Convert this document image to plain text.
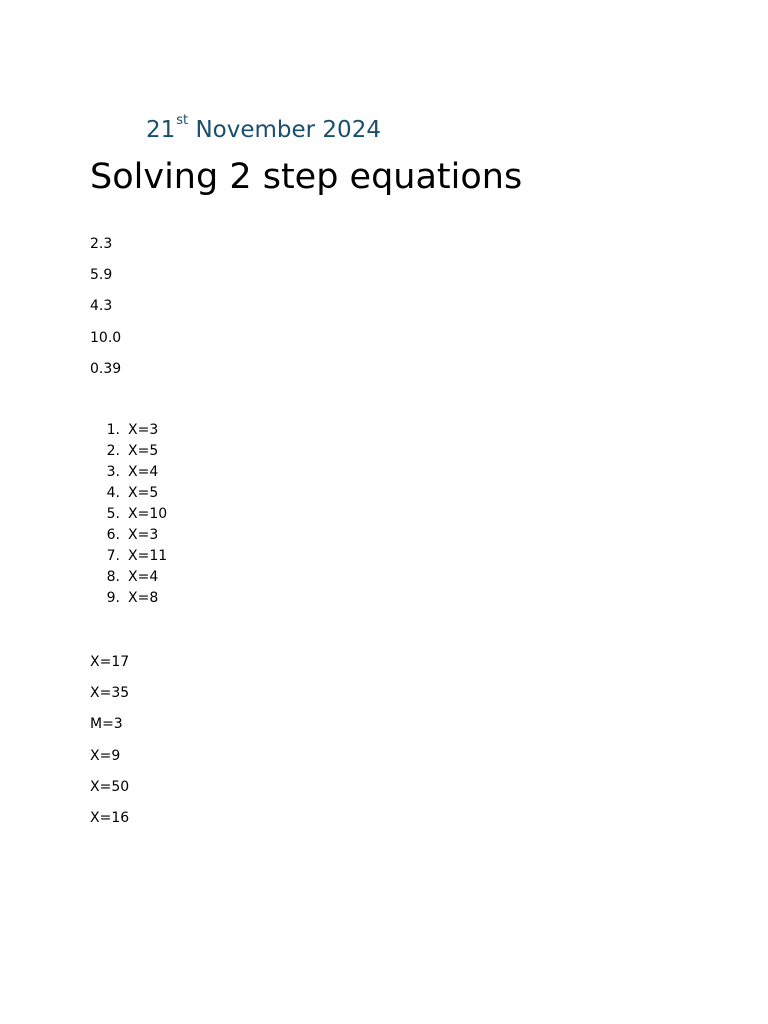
21st November 2024
Solving 2 step equations
2.3
5.9
4.3
10.0
0.39
1. X=3
2. X=5
3. X=4
4. X=5
5. X=10
6. X=3
7. X=11
8. X=4
9. X=8
X=17
X=35
M=3
X=9
X=50
X=16
